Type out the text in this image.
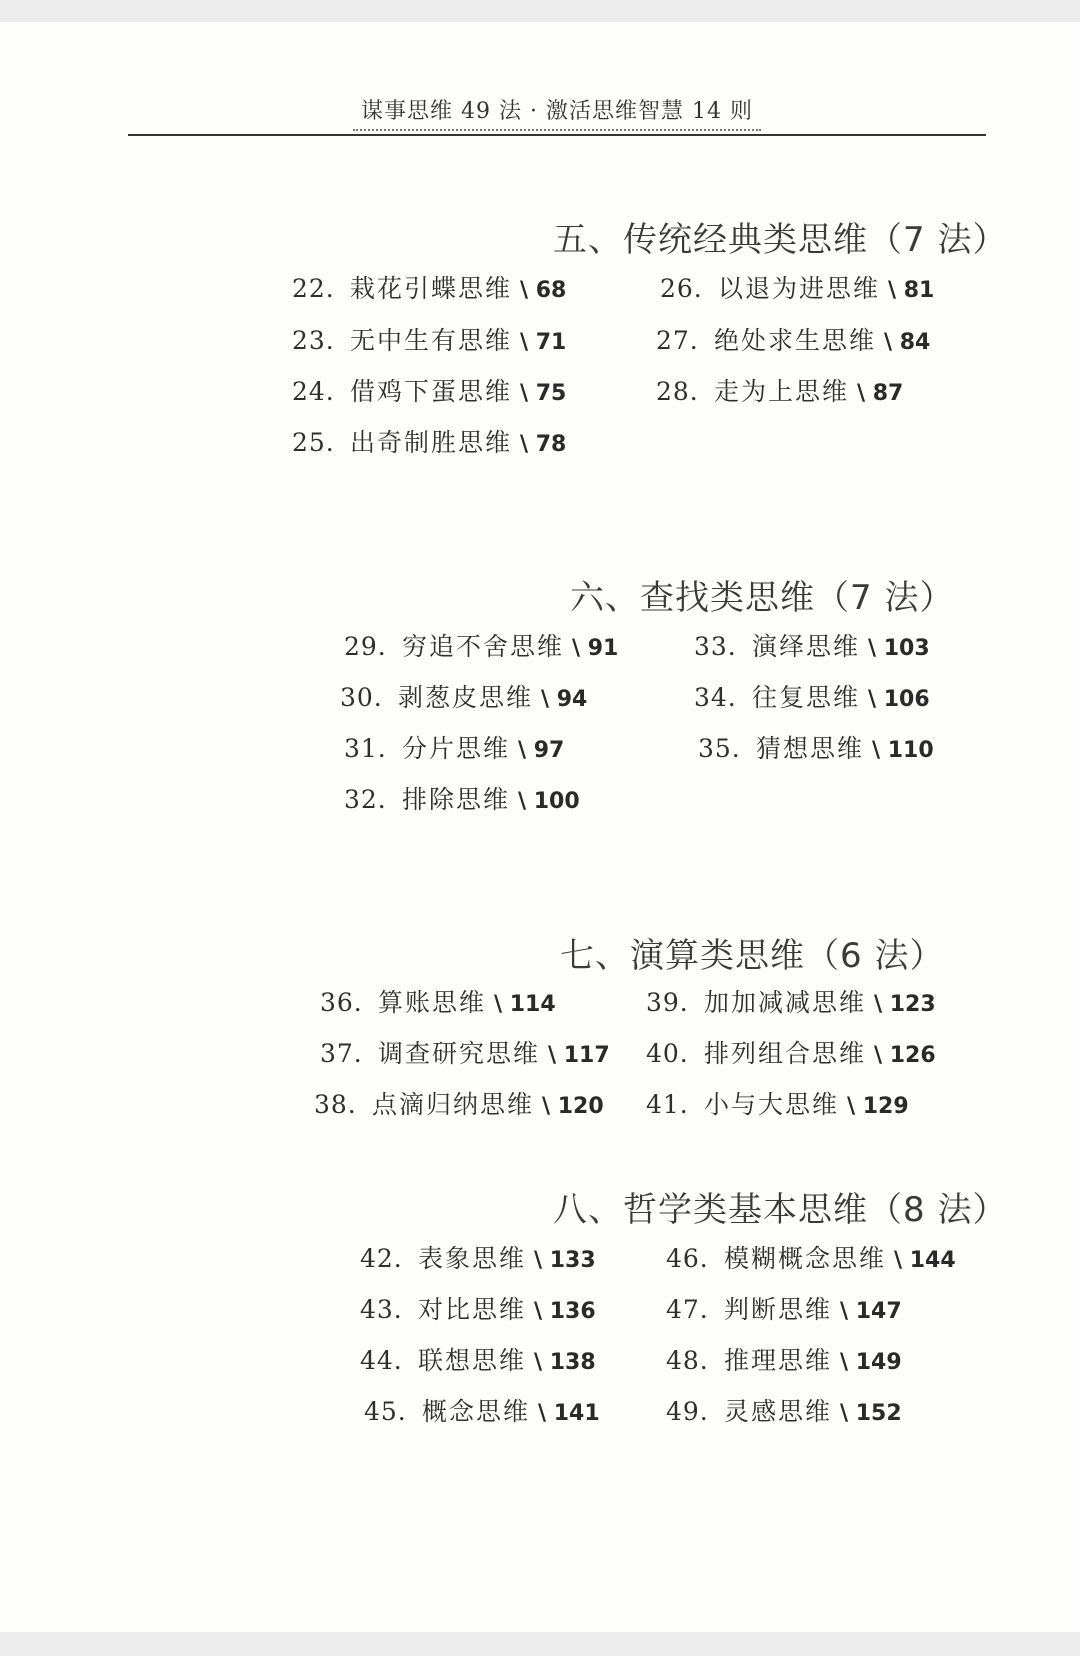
谋事思维 49 法 · 激活思维智慧 14 则
五、传统经典类思维（7 法）
22. 栽花引蝶思维 \ 68
23. 无中生有思维 \ 71
24. 借鸡下蛋思维 \ 75
25. 出奇制胜思维 \ 78
26. 以退为进思维 \ 81
27. 绝处求生思维 \ 84
28. 走为上思维 \ 87
六、查找类思维（7 法）
29. 穷追不舍思维 \ 91
30. 剥葱皮思维 \ 94
31. 分片思维 \ 97
32. 排除思维 \ 100
33. 演绎思维 \ 103
34. 往复思维 \ 106
35. 猜想思维 \ 110
七、演算类思维（6 法）
36. 算账思维 \ 114
37. 调查研究思维 \ 117
38. 点滴归纳思维 \ 120
39. 加加减减思维 \ 123
40. 排列组合思维 \ 126
41. 小与大思维 \ 129
八、哲学类基本思维（8 法）
42. 表象思维 \ 133
43. 对比思维 \ 136
44. 联想思维 \ 138
45. 概念思维 \ 141
46. 模糊概念思维 \ 144
47. 判断思维 \ 147
48. 推理思维 \ 149
49. 灵感思维 \ 152
